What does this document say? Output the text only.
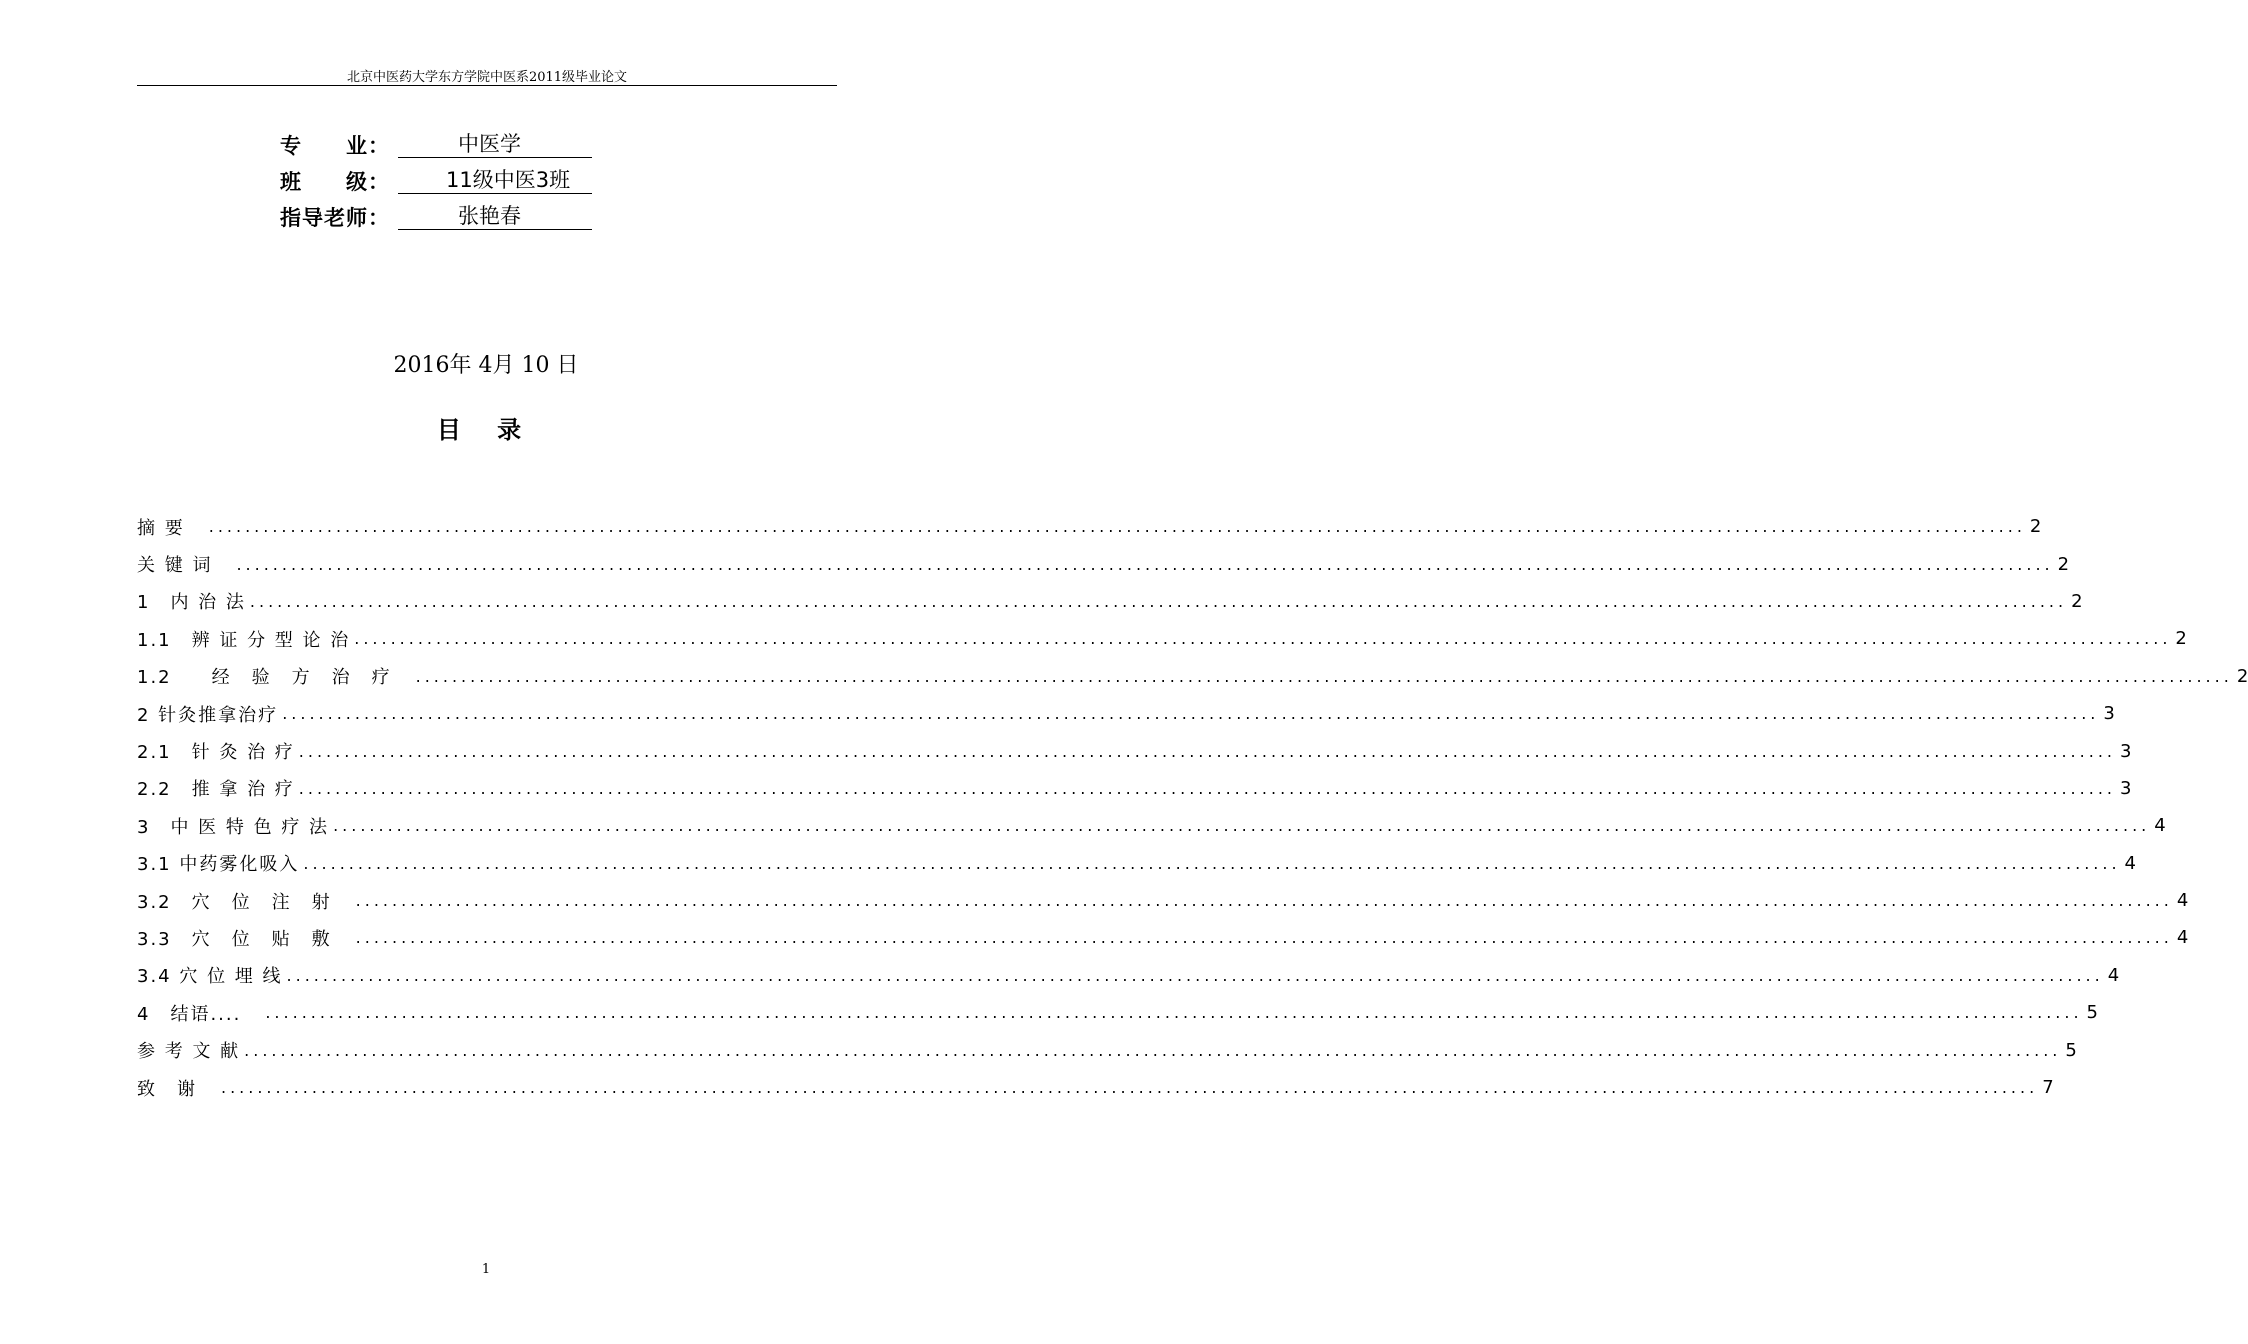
北京中医药大学东方学院中医系2011级毕业论文
专　　业：	中医学
班　　级：	11级中医3班
指导老师：	张艳春
2016年 4月 10 日
目 录
摘 要　 ........................................................................................................................................................................................................ 2
关 键 词　 ........................................................................................................................................................................................................ 2
1　内 治 法 ........................................................................................................................................................................................................ 2
1.1　辨 证 分 型 论 治 ........................................................................................................................................................................................................ 2
1.2　　经　验　方　治　疗　 ........................................................................................................................................................................................................ 2
2 针灸推拿治疗 ........................................................................................................................................................................................................ 3
2.1　针 灸 治 疗 ........................................................................................................................................................................................................ 3
2.2　推 拿 治 疗 ........................................................................................................................................................................................................ 3
3　中 医 特 色 疗 法 ........................................................................................................................................................................................................ 4
3.1 中药雾化吸入 ........................................................................................................................................................................................................ 4
3.2　穴　位　注　射　 ........................................................................................................................................................................................................ 4
3.3　穴　位　贴　敷　 ........................................................................................................................................................................................................ 4
3.4 穴 位 埋 线 ........................................................................................................................................................................................................ 4
4　结语....　 ........................................................................................................................................................................................................ 5
参 考 文 献 ........................................................................................................................................................................................................ 5
致　谢　 ........................................................................................................................................................................................................ 7
1
